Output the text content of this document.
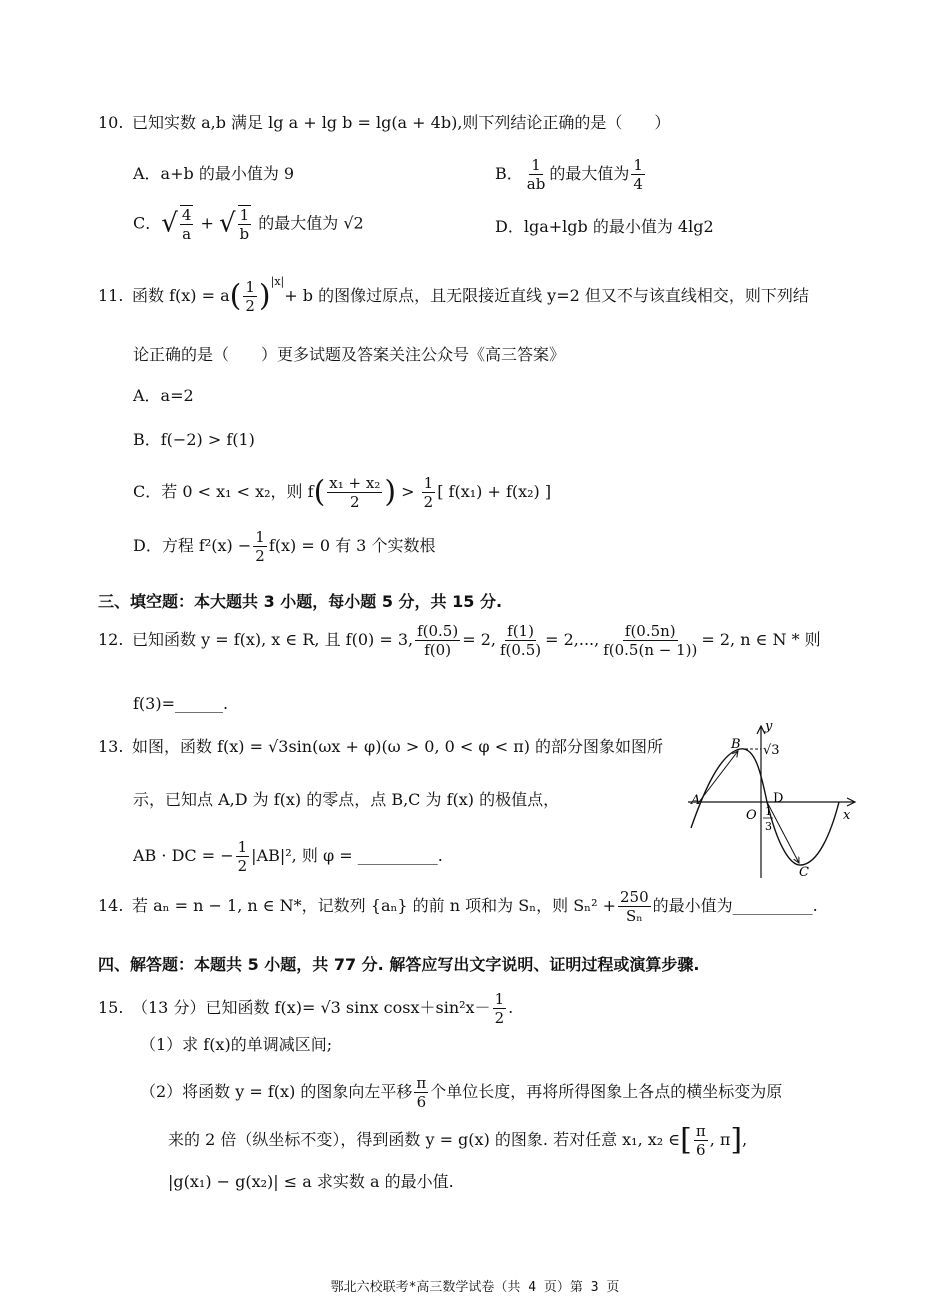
10. 已知实数 a,b 满足 lg a + lg b = lg(a + 4b),则下列结论正确的是（　　）
A．a+b 的最小值为 9	B． $\frac{1}{ab}$ 的最大值为 $\frac{1}{4}$
C．√ $\frac{4}{a}$ + √ $\frac{1}{b}$ 的最大值为 √2	D．lga+lgb 的最小值为 4lg2
11. 函数 $f(x) = a( \frac{1}{2} )^{|x|}+ b$ 的图像过原点，且无限接近直线 y=2 但又不与该直线相交，则下列结
论正确的是（　　）更多试题及答案关注公众号《高三答案》
A．a=2
B．f(−2) > f(1)
C．若 0 < x₁ < x₂，则 $f( \frac{\text{x₁ + x₂}}{2}$ ) > $\frac{1}{2}$ [ f(x₁) + f(x₂) ]
D．方程 $f^2(x) - \frac{1}{2} f(x) = 0$ 有 3 个实数根
三、填空题：本大题共 3 小题，每小题 5 分，共 15 分.
12. 已知函数 y = f(x), x ∈ R, 且 f(0) = 3, $\frac{f(0.5)}{f(0)} = 2$, $\frac{f(1)}{f(0.5)} = 2$,..., $\frac{f(0.5n)}{f(0.5(n - 1))} = 2$, n ∈ N * 则
f(3)=______.
13. 如图，函数 f(x) = √3sin(ωx + φ)(ω > 0, 0 < φ < π) 的部分图象如图所
示，已知点 A,D 为 f(x) 的零点，点 B,C 为 f(x) 的极值点，
AB · DC = − $\frac{1}{2} |AB|^2$, 则 φ = __________.
y
x
B √3
A	D
O 1
3
C
14. 若 aₙ = n − 1, n ∈ N*，记数列 {aₙ} 的前 n 项和为 Sₙ，则 $S_n^2 + \frac{250}{\text{Sₙ}}$ 的最小值为__________.
四、解答题：本题共 5 小题，共 77 分. 解答应写出文字说明、证明过程或演算步骤.
15. （13 分）已知函数 f(x)= √3 sinx $\cos x+\sin^2x- \frac{1}{2}$ .
（1）求 f(x)的单调减区间;
（2）将函数 y = f(x) 的图象向左平移 $\frac{\pi}{6}$ 个单位长度，再将所得图象上各点的横坐标变为原
来的 2 倍（纵坐标不变），得到函数 y = g(x) 的图象. 若对任意 x₁, x₂ ∈[ $\frac{\pi}{6}$ , π],
|g(x₁) − g(x₂)| ≤ a 求实数 a 的最小值.
鄂北六校联考*高三数学试卷（共 4 页）第 3 页
